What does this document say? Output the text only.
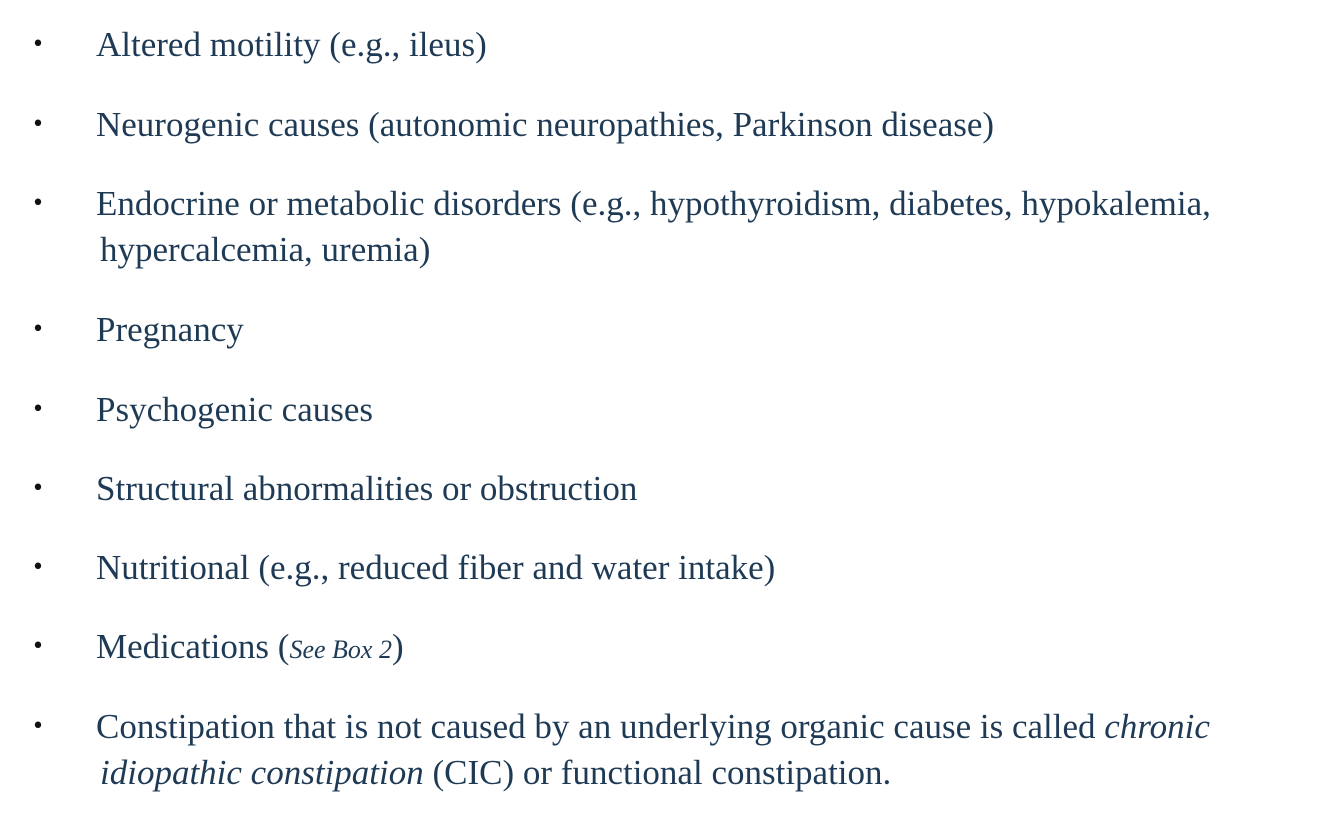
• Altered motility (e.g., ileus)
• Neurogenic causes (autonomic neuropathies, Parkinson disease)
• Endocrine or metabolic disorders (e.g., hypothyroidism, diabetes, hypokalemia,
hypercalcemia, uremia)
• Pregnancy
• Psychogenic causes
• Structural abnormalities or obstruction
• Nutritional (e.g., reduced fiber and water intake)
• Medications (See Box 2)
• Constipation that is not caused by an underlying organic cause is called chronic
idiopathic constipation (CIC) or functional constipation.
